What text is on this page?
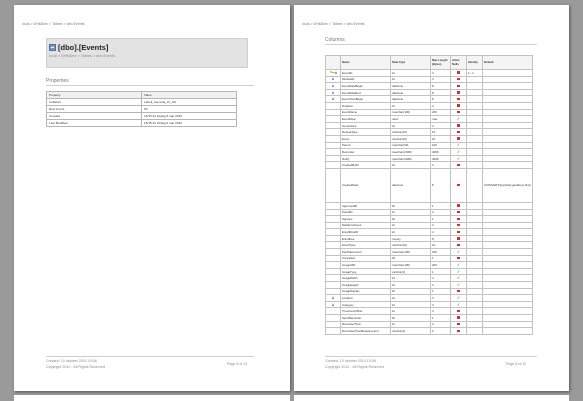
local > DHMDev > Tables > dbo.Events
[dbo].[Events]
local > DHMDev > Tables > dbo.Events
Properties
Property	Value
Collation	Latin1_General_CI_AS
Row Count	63
Created	16:35:31 lördag 6 mar 2010
Last Modified	16:35:31 lördag 6 mar 2010
Created: 10 oktober 2010 15:08
Copyright 2010 - All Rights Reserved
Page 6 of 31
local > DHMDev > Tables > dbo.Events
Columns
	Name	Data Type	Max Length (Bytes)	Allow Nulls	Identity	Default
	EventID	int	4		1 - 1	
	ModuleID	int	4			
	EventDateBegin	datetime	8			
	EventDateEnd	datetime	8			
	EventTimeBegin	datetime	8			
	Duration	int	4			
	EventName	nvarchar(100)	200			
	EventDesc	ntext	max	✓		
	Importance	int	4			
	RepeatType	varchar(10)	10			
	Every	varchar(10)	10			
	Period	nvarchar(50)	100	✓		
	Reminder	nvarchar(2048)	4096	✓		
	Notify	nvarchar(2048)	4096	✓		
	CreatedByID	int	4			
	CreatedDate	datetime	8			(CONVERT([varchar],getdate(),111))
	ApprovedID	bit	1			
	PortalID	int	4			
	Signups	bit	1			
	MaxEnrollment	int	4			
	EnrollRoleID	int	4			
	EnrollFee	money	8			
	EnrollType	varchar(10)	10			
	PayPalAccount	nvarchar(100)	200	✓		
	Cancelled	bit	1			
	ImageURL	nvarchar(100)	200	✓		
	ImageType	varchar(1)	1	✓		
	ImageWidth	int	4	✓		
	ImageHeight	int	4	✓		
	ImageDisplay	bit	1			
	Location	int	4	✓		
	Category	int	4	✓		
	TimezoneOffset	int	4			
	SendReminder	bit	1			
	ReminderTime	int	4			
	ReminderTimeMeasurement	varchar(2)	2			
Created: 10 oktober 2010 15:08
Copyright 2010 - All Rights Reserved
Page 8 of 31
